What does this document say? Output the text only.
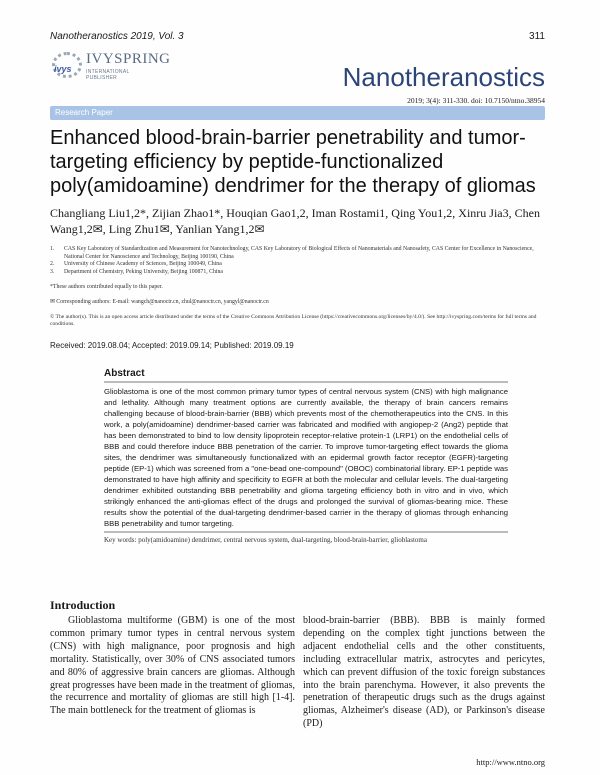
Nanotheranostics 2019, Vol. 3	311
ivys
IVYSPRING
INTERNATIONAL PUBLISHER	Nanotheranostics
2019; 3(4): 311-330. doi: 10.7150/ntno.38954
Research Paper
Enhanced blood-brain-barrier penetrability and tumor-targeting efficiency by peptide-functionalized poly(amidoamine) dendrimer for the therapy of gliomas
Changliang Liu1,2*, Zijian Zhao1*, Houqian Gao1,2, Iman Rostami1, Qing You1,2, Xinru Jia3, Chen Wang1,2✉, Ling Zhu1✉, Yanlian Yang1,2✉
1.	CAS Key Laboratory of Standardization and Measurement for Nanotechnology, CAS Key Laboratory of Biological Effects of Nanomaterials and Nanosafety, CAS Center for Excellence in Nanoscience, National Center for Nanoscience and Technology, Beijing 100190, China
2.	University of Chinese Academy of Sciences, Beijing 100049, China
3.	Department of Chemistry, Peking University, Beijing 100871, China
*These authors contributed equally to this paper.
✉ Corresponding authors: E-mail: wangch@nanoctr.cn, zhul@nanoctr.cn, yangyl@nanoctr.cn
© The author(s). This is an open access article distributed under the terms of the Creative Commons Attribution License (https://creativecommons.org/licenses/by/4.0/). See http://ivyspring.com/terms for full terms and conditions.
Received: 2019.08.04; Accepted: 2019.09.14; Published: 2019.09.19
Abstract

Glioblastoma is one of the most common primary tumor types of central nervous system (CNS) with high malignance and lethality. Although many treatment options are currently available, the therapy of brain cancers remains challenging because of blood-brain-barrier (BBB) which prevents most of the chemotherapeutics into the CNS. In this work, a poly(amidoamine) dendrimer-based carrier was fabricated and modified with angiopep-2 (Ang2) peptide that has been demonstrated to bind to low density lipoprotein receptor-relative protein-1 (LRP1) on the endothelial cells of BBB and could therefore induce BBB penetration of the carrier. To improve tumor-targeting effect towards the glioma sites, the dendrimer was simultaneously functionalized with an epidermal growth factor receptor (EGFR)-targeting peptide (EP-1) which was screened from a "one-bead one-compound" (OBOC) combinatorial library. EP-1 peptide was demonstrated to have high affinity and specificity to EGFR at both the molecular and cellular levels. The dual-targeting dendrimer exhibited outstanding BBB penetrability and glioma targeting efficiency both in vitro and in vivo, which strikingly enhanced the anti-gliomas effect of the drugs and prolonged the survival of gliomas-bearing mice. These results show the potential of the dual-targeting dendrimer-based carrier in the therapy of gliomas through enhancing BBB penetrability and tumor targeting.

Key words: poly(amidoamine) dendrimer, central nervous system, dual-targeting, blood-brain-barrier, glioblastoma
Introduction
Glioblastoma multiforme (GBM) is one of the most common primary tumor types in central nervous system (CNS) with high malignance, poor prognosis and high mortality. Statistically, over 30% of CNS associated tumors and 80% of aggressive brain cancers are gliomas. Although great progresses have been made in the treatment of gliomas, the recurrence and mortality of gliomas are still high [1-4]. The main bottleneck for the treatment of gliomas is
blood-brain-barrier (BBB). BBB is mainly formed depending on the complex tight junctions between the adjacent endothelial cells and the other constituents, including extracellular matrix, astrocytes and pericytes, which can prevent diffusion of the toxic foreign substances into the brain parenchyma. However, it also prevents the penetration of therapeutic drugs such as the drugs against gliomas, Alzheimer's disease (AD), or Parkinson's disease (PD)
http://www.ntno.org
